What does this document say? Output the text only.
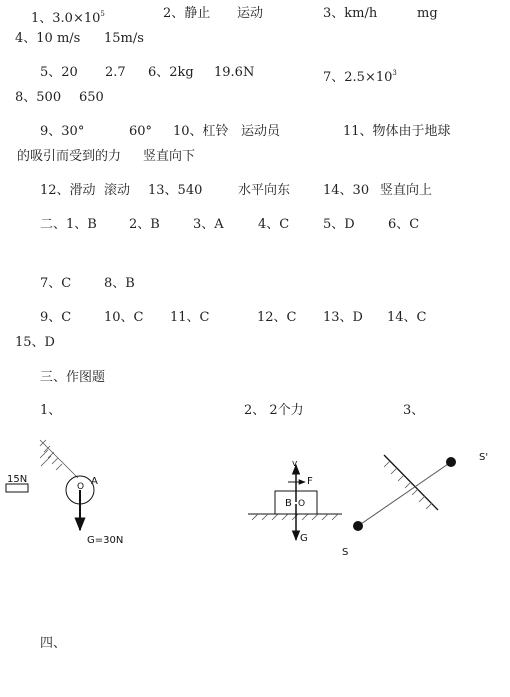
1、$3.0\times 10^5$	2、静止 运动	3、km/h	mg
4、10 m/s 15m/s
5、20 2.7 6、2kg 19.6N	7、$2.5\times 10^3$
8、500 650
9、30°	60° 10、杠铃 运动员	11、物体由于地球
的吸引而受到的力 竖直向下
12、滑动 滚动 13、540	水平向东	14、30 竖直向上
二、1、B 2、B	3、A	4、C	5、D	6、C
7、C	8、B
9、C	10、C 11、C	12、C 13、D 14、C
15、D
三、作图题
1、	2、 2个力	3、
15N
O A
G=30N
B O
v
F
G
S'
S
四、
